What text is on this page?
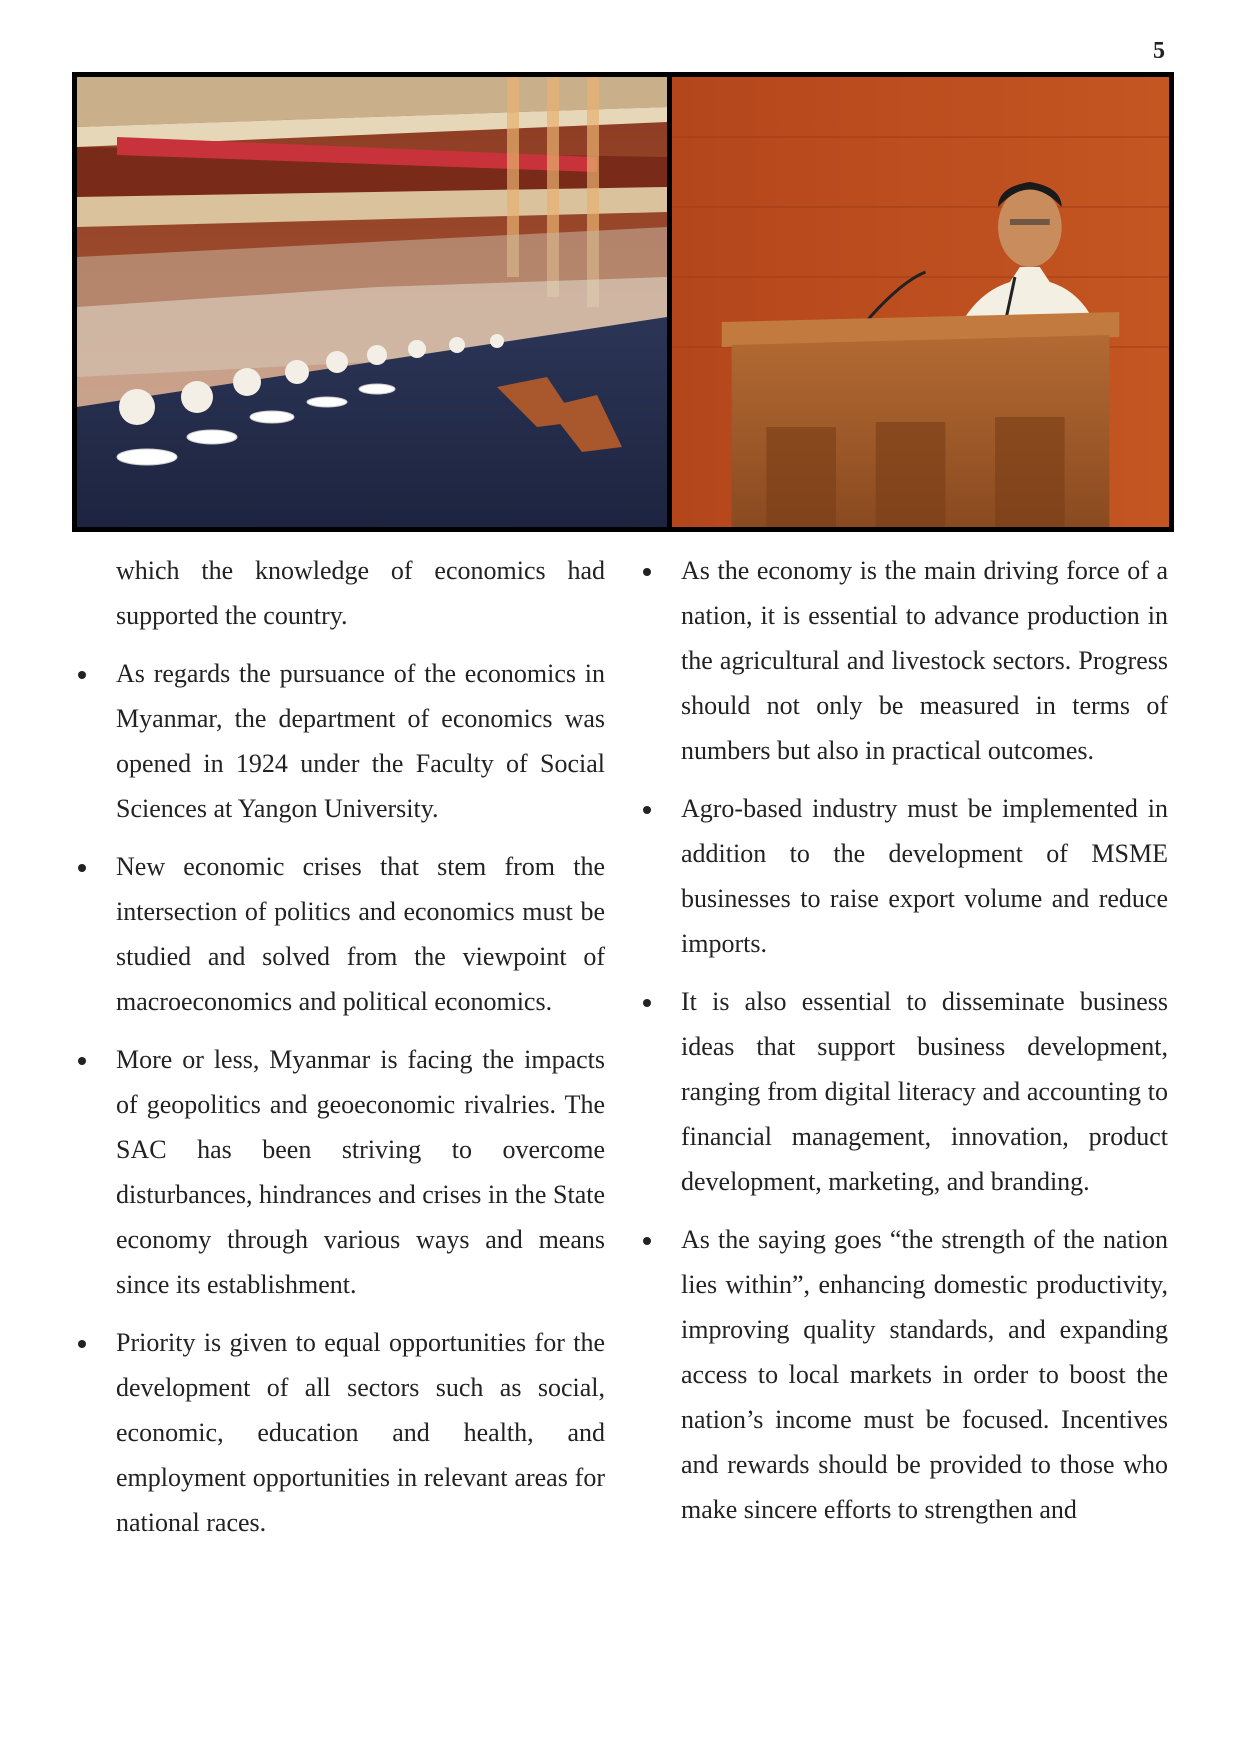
5

which the knowledge of economics had supported the country.

As regards the pursuance of the economics in Myanmar, the department of economics was opened in 1924 under the Faculty of Social Sciences at Yangon University.
New economic crises that stem from the intersection of politics and economics must be studied and solved from the viewpoint of macroeconomics and political economics.
More or less, Myanmar is facing the impacts of geopolitics and geoeconomic rivalries. The SAC has been striving to overcome disturbances, hindrances and crises in the State economy through various ways and means since its establishment.
Priority is given to equal opportunities for the development of all sectors such as social, economic, education and health, and employment opportunities in relevant areas for national races.
As the economy is the main driving force of a nation, it is essential to advance production in the agricultural and livestock sectors. Progress should not only be measured in terms of numbers but also in practical outcomes.
Agro-based industry must be implemented in addition to the development of MSME businesses to raise export volume and reduce imports.
It is also essential to disseminate business ideas that support business development, ranging from digital literacy and accounting to financial management, innovation, product development, marketing, and branding.
As the saying goes “the strength of the nation lies within”, enhancing domestic productivity, improving quality standards, and expanding access to local markets in order to boost the nation’s income must be focused. Incentives and rewards should be provided to those who make sincere efforts to strengthen and
